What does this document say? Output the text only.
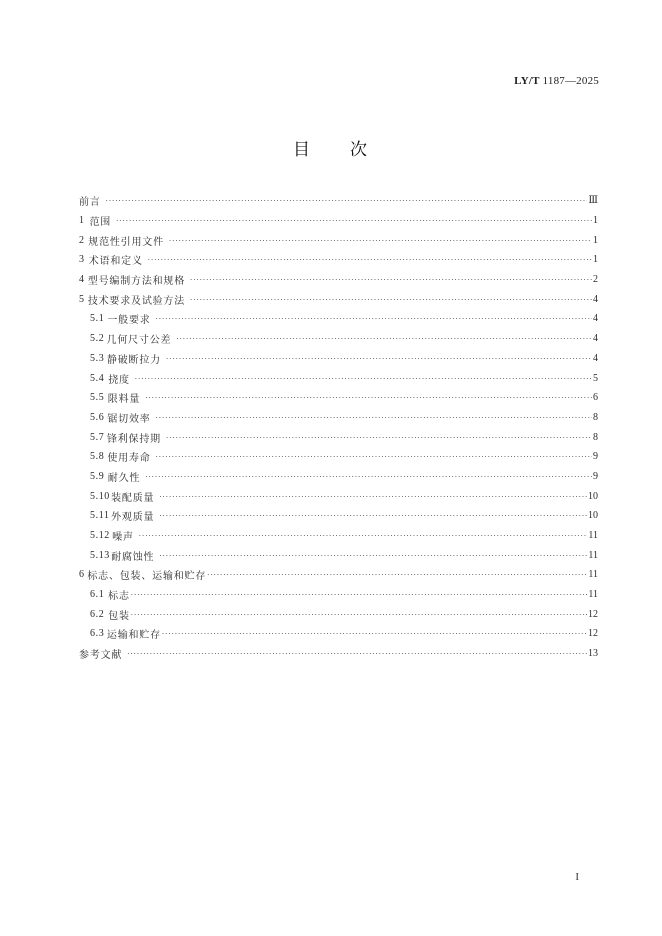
LY/T 1187—2025
目 次
前言 ·····	Ⅲ
1 范围 ·····	1
2 规范性引用文件 ·····	1
3 术语和定义 ·····	1
4 型号编制方法和规格 ·····	2
5 技术要求及试验方法 ·····	4
5.1 一般要求 ·····	4
5.2 几何尺寸公差 ·····	4
5.3 静破断拉力 ·····	4
5.4 挠度 ·····	5
5.5 限料量 ·····	6
5.6 锯切效率 ·····	8
5.7 锋利保持期 ·····	8
5.8 使用寿命 ·····	9
5.9 耐久性 ·····	9
5.10 装配质量 ·····	10
5.11 外观质量 ·····	10
5.12 噪声 ·····	11
5.13 耐腐蚀性 ·····	11
6 标志、包装、运输和贮存 ·····	11
6.1 标志 ·····	11
6.2 包装 ·····	12
6.3 运输和贮存 ·····	12
参考文献 ·····	13
I
